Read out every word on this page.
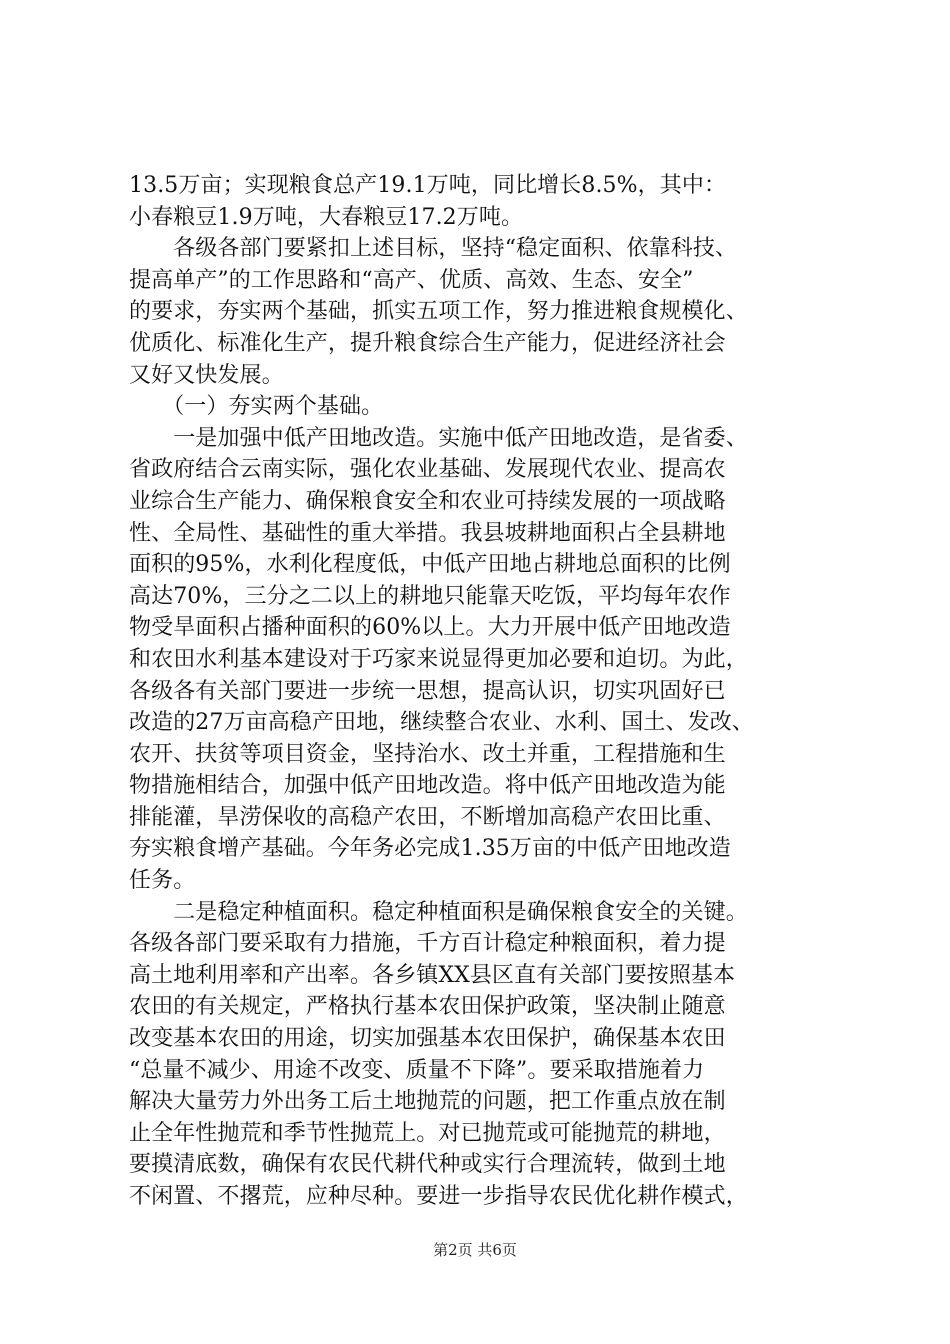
13.5万亩；实现粮食总产19.1万吨，同比增长8.5%，其中：
小春粮豆1.9万吨，大春粮豆17.2万吨。
　　各级各部门要紧扣上述目标，坚持“稳定面积、依靠科技、
提高单产”的工作思路和“高产、优质、高效、生态、安全”
的要求，夯实两个基础，抓实五项工作，努力推进粮食规模化、
优质化、标准化生产，提升粮食综合生产能力，促进经济社会
又好又快发展。
　　（一）夯实两个基础。
　　一是加强中低产田地改造。实施中低产田地改造，是省委、
省政府结合云南实际，强化农业基础、发展现代农业、提高农
业综合生产能力、确保粮食安全和农业可持续发展的一项战略
性、全局性、基础性的重大举措。我县坡耕地面积占全县耕地
面积的95%，水利化程度低，中低产田地占耕地总面积的比例
高达70%，三分之二以上的耕地只能靠天吃饭，平均每年农作
物受旱面积占播种面积的60%以上。大力开展中低产田地改造
和农田水利基本建设对于巧家来说显得更加必要和迫切。为此，
各级各有关部门要进一步统一思想，提高认识，切实巩固好已
改造的27万亩高稳产田地，继续整合农业、水利、国土、发改、
农开、扶贫等项目资金，坚持治水、改土并重，工程措施和生
物措施相结合，加强中低产田地改造。将中低产田地改造为能
排能灌，旱涝保收的高稳产农田，不断增加高稳产农田比重、
夯实粮食增产基础。今年务必完成1.35万亩的中低产田地改造
任务。
　　二是稳定种植面积。稳定种植面积是确保粮食安全的关键。
各级各部门要采取有力措施，千方百计稳定种粮面积，着力提
高土地利用率和产出率。各乡镇XX县区直有关部门要按照基本
农田的有关规定，严格执行基本农田保护政策，坚决制止随意
改变基本农田的用途，切实加强基本农田保护，确保基本农田
“总量不减少、用途不改变、质量不下降”。要采取措施着力
解决大量劳力外出务工后土地抛荒的问题，把工作重点放在制
止全年性抛荒和季节性抛荒上。对已抛荒或可能抛荒的耕地，
要摸清底数，确保有农民代耕代种或实行合理流转，做到土地
不闲置、不撂荒，应种尽种。要进一步指导农民优化耕作模式，
第2页 共6页
